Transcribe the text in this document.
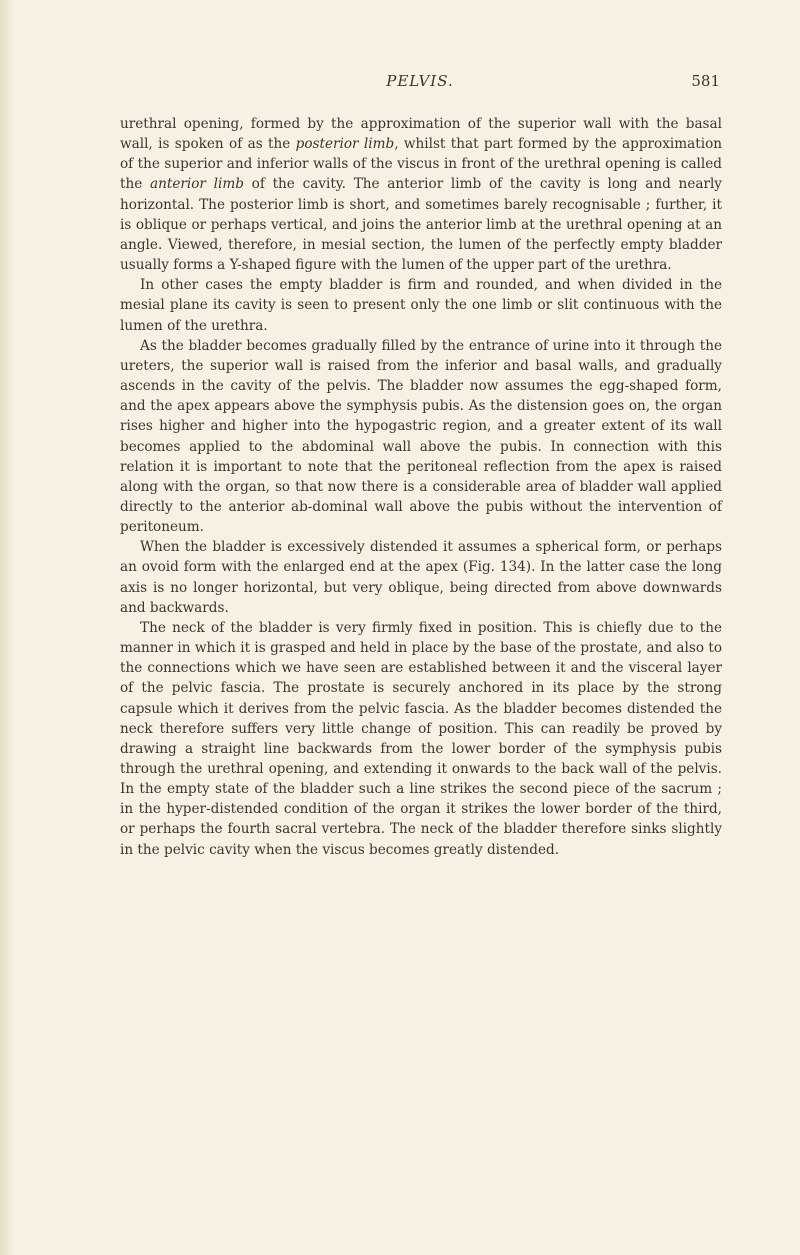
PELVIS.	581

urethral opening, formed by the approximation of the superior wall with the basal wall, is spoken of as the posterior limb, whilst that part formed by the approximation of the superior and inferior walls of the viscus in front of the urethral opening is called the anterior limb of the cavity. The anterior limb of the cavity is long and nearly horizontal. The posterior limb is short, and sometimes barely recognisable ; further, it is oblique or perhaps vertical, and joins the anterior limb at the urethral opening at an angle. Viewed, therefore, in mesial section, the lumen of the perfectly empty bladder usually forms a Y-shaped figure with the lumen of the upper part of the urethra.

In other cases the empty bladder is firm and rounded, and when divided in the mesial plane its cavity is seen to present only the one limb or slit continuous with the lumen of the urethra.

As the bladder becomes gradually filled by the entrance of urine into it through the ureters, the superior wall is raised from the inferior and basal walls, and gradually ascends in the cavity of the pelvis. The bladder now assumes the egg-shaped form, and the apex appears above the symphysis pubis. As the distension goes on, the organ rises higher and higher into the hypogastric region, and a greater extent of its wall becomes applied to the abdominal wall above the pubis. In connection with this relation it is important to note that the peritoneal reflection from the apex is raised along with the organ, so that now there is a considerable area of bladder wall applied directly to the anterior ab-dominal wall above the pubis without the intervention of peritoneum.

When the bladder is excessively distended it assumes a spherical form, or perhaps an ovoid form with the enlarged end at the apex (Fig. 134). In the latter case the long axis is no longer horizontal, but very oblique, being directed from above downwards and backwards.

The neck of the bladder is very firmly fixed in position. This is chiefly due to the manner in which it is grasped and held in place by the base of the prostate, and also to the connections which we have seen are established between it and the visceral layer of the pelvic fascia. The prostate is securely anchored in its place by the strong capsule which it derives from the pelvic fascia. As the bladder becomes distended the neck therefore suffers very little change of position. This can readily be proved by drawing a straight line backwards from the lower border of the symphysis pubis through the urethral opening, and extending it onwards to the back wall of the pelvis. In the empty state of the bladder such a line strikes the second piece of the sacrum ; in the hyper-distended condition of the organ it strikes the lower border of the third, or perhaps the fourth sacral vertebra. The neck of the bladder therefore sinks slightly in the pelvic cavity when the viscus becomes greatly distended.
